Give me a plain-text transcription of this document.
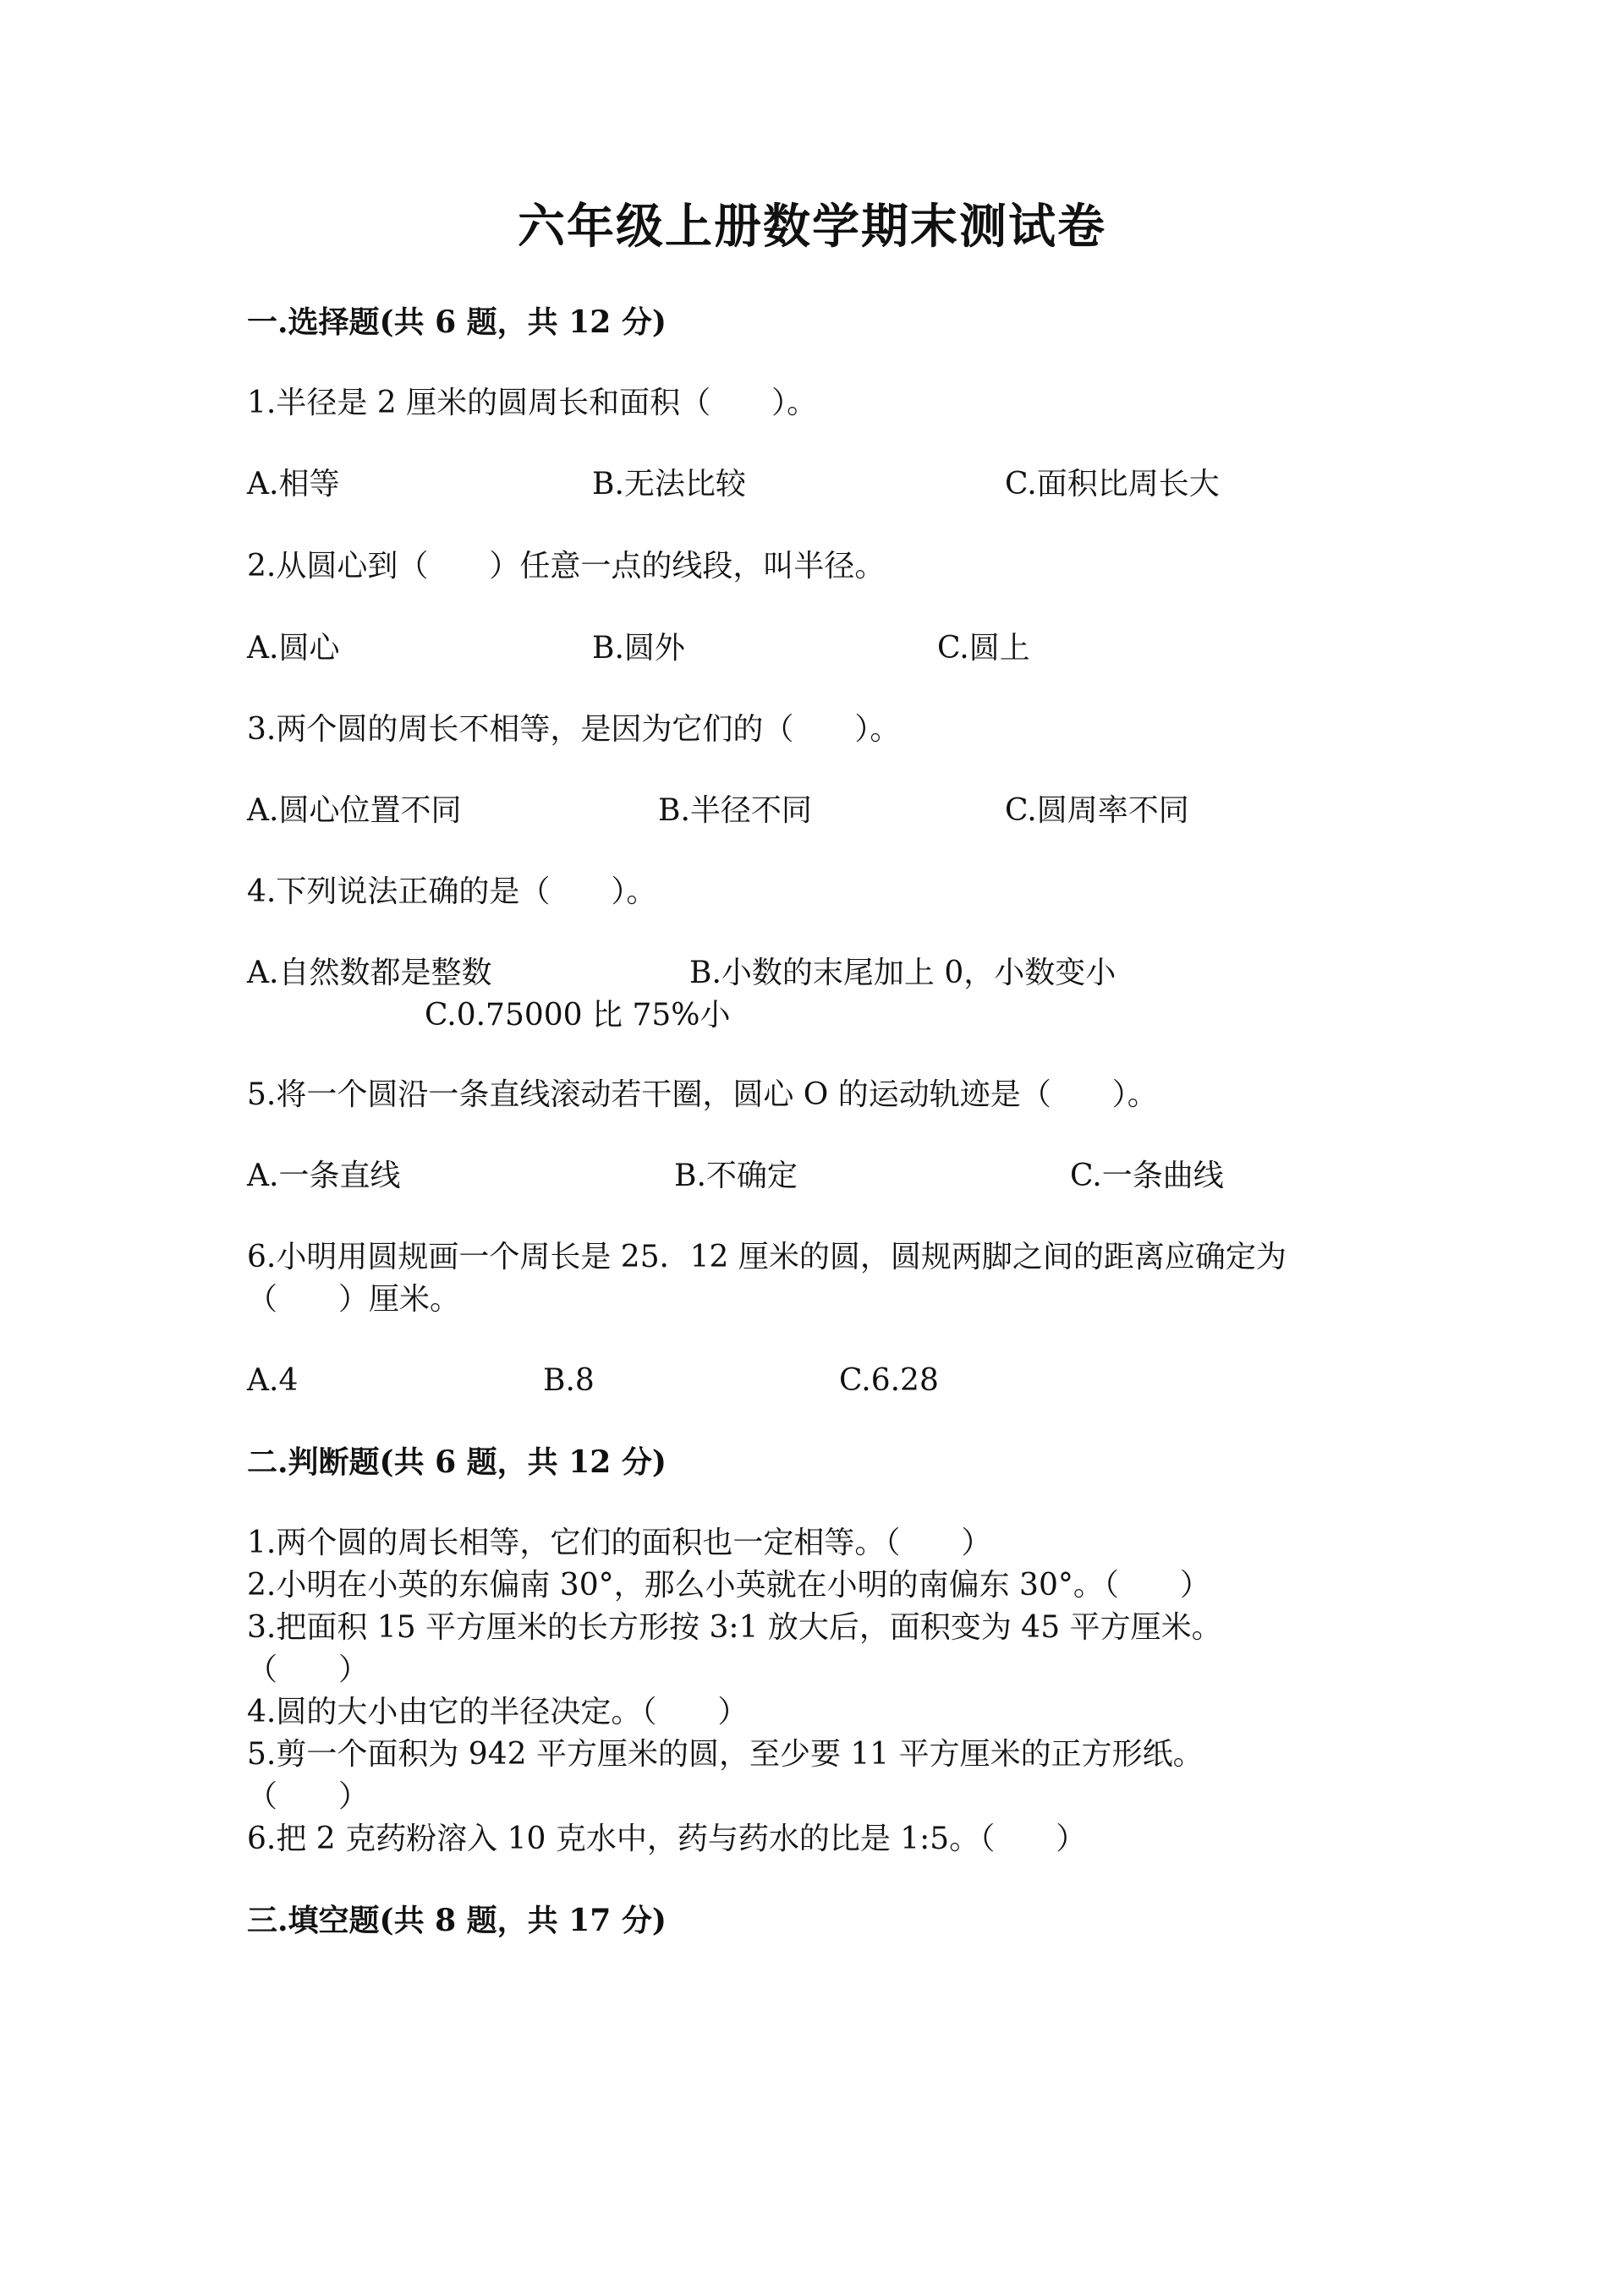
六年级上册数学期末测试卷
一.选择题(共 6 题，共 12 分)
1.半径是 2 厘米的圆周长和面积（　　）。
A.相等	B.无法比较	C.面积比周长大
2.从圆心到（　　）任意一点的线段，叫半径。
A.圆心	B.圆外	C.圆上
3.两个圆的周长不相等，是因为它们的（　　）。
A.圆心位置不同	B.半径不同	C.圆周率不同
4.下列说法正确的是（　　）。
A.自然数都是整数	B.小数的末尾加上 0，小数变小
C.0.75000 比 75%小
5.将一个圆沿一条直线滚动若干圈，圆心 O 的运动轨迹是（　　）。
A.一条直线	B.不确定	C.一条曲线
6.小明用圆规画一个周长是 25．12 厘米的圆，圆规两脚之间的距离应确定为
（　　）厘米。
A.4	B.8	C.6.28
二.判断题(共 6 题，共 12 分)
1.两个圆的周长相等，它们的面积也一定相等。（　　）
2.小明在小英的东偏南 30°，那么小英就在小明的南偏东 30°。（　　）
3.把面积 15 平方厘米的长方形按 3:1 放大后，面积变为 45 平方厘米。
（　　）
4.圆的大小由它的半径决定。（　　）
5.剪一个面积为 942 平方厘米的圆，至少要 11 平方厘米的正方形纸。
（　　）
6.把 2 克药粉溶入 10 克水中，药与药水的比是 1:5。（　　）
三.填空题(共 8 题，共 17 分)
